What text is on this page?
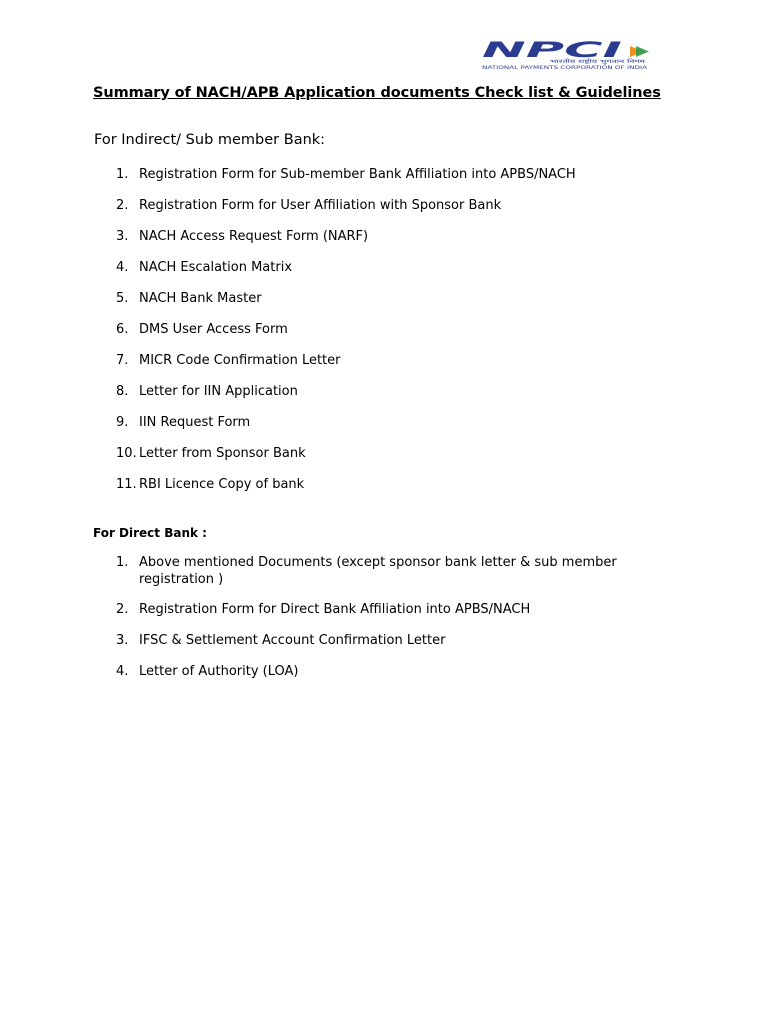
NPCI
भारतीय राष्ट्रीय भुगतान निगम
NATIONAL PAYMENTS CORPORATION OF INDIA
Summary of NACH/APB Application documents Check list & Guidelines
For Indirect/ Sub member Bank:
1. Registration Form for Sub-member Bank Affiliation into APBS/NACH
2. Registration Form for User Affiliation with Sponsor Bank
3. NACH Access Request Form (NARF)
4. NACH Escalation Matrix
5. NACH Bank Master
6. DMS User Access Form
7. MICR Code Confirmation Letter
8. Letter for IIN Application
9. IIN Request Form
10. Letter from Sponsor Bank
11. RBI Licence Copy of bank
For Direct Bank :
1. Above mentioned Documents (except sponsor bank letter & sub member registration )
2. Registration Form for Direct Bank Affiliation into APBS/NACH
3. IFSC & Settlement Account Confirmation Letter
4. Letter of Authority (LOA)
